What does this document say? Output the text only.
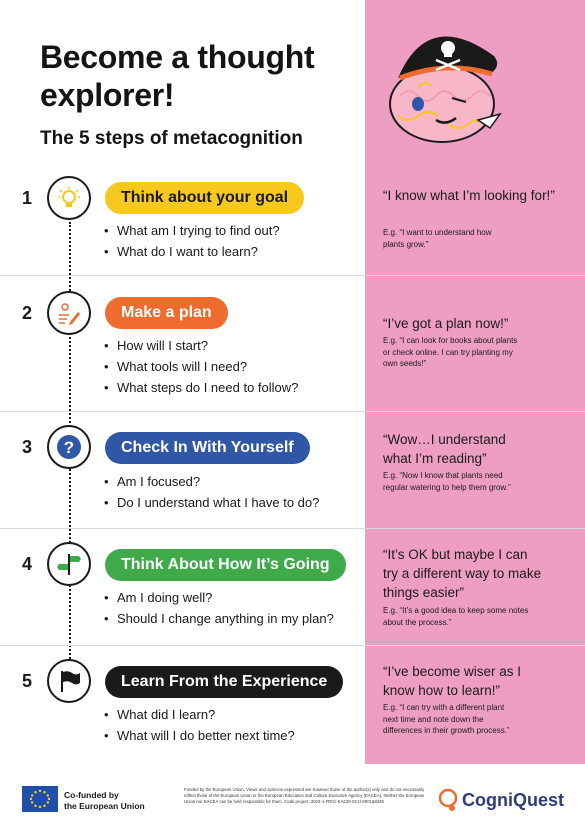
Become a thought explorer!
The 5 steps of metacognition
1	Think about your goal
• What am I trying to find out?
• What do I want to learn?
“I know what I’m looking for!”
E.g. “I want to understand how plants grow.”
2	Make a plan
• How will I start?
• What tools will I need?
• What steps do I need to follow?
“I’ve got a plan now!”
E.g. “I can look for books about plants or check online. I can try planting my own seeds!”
3 ?	Check In With Yourself
• Am I focused?
• Do I understand what I have to do?
“Wow…I understand what I’m reading”
E.g. “Now I know that plants need regular watering to help them grow.”
4	Think About How It’s Going
• Am I doing well?
• Should I change anything in my plan?
“It’s OK but maybe I can try a different way to make things easier”
E.g. “It’s a good idea to keep some notes about the process.”
5	Learn From the Experience
• What did I learn?
• What will I do better next time?
“I’ve become wiser as I know how to learn!”
E.g. “I can try with a different plant next time and note down the differences in their growth process.”
Co-funded by
the European Union
Funded by the European Union. Views and opinions expressed are however those of the author(s) only and do not necessarily reflect those of the European Union or the European Education and Culture Executive Agency (EACEA). Neither the European Union nor EACEA can be held responsible for them. Code project: 2023-1-FR01-KA220-SCH-000158225	CogniQuest
